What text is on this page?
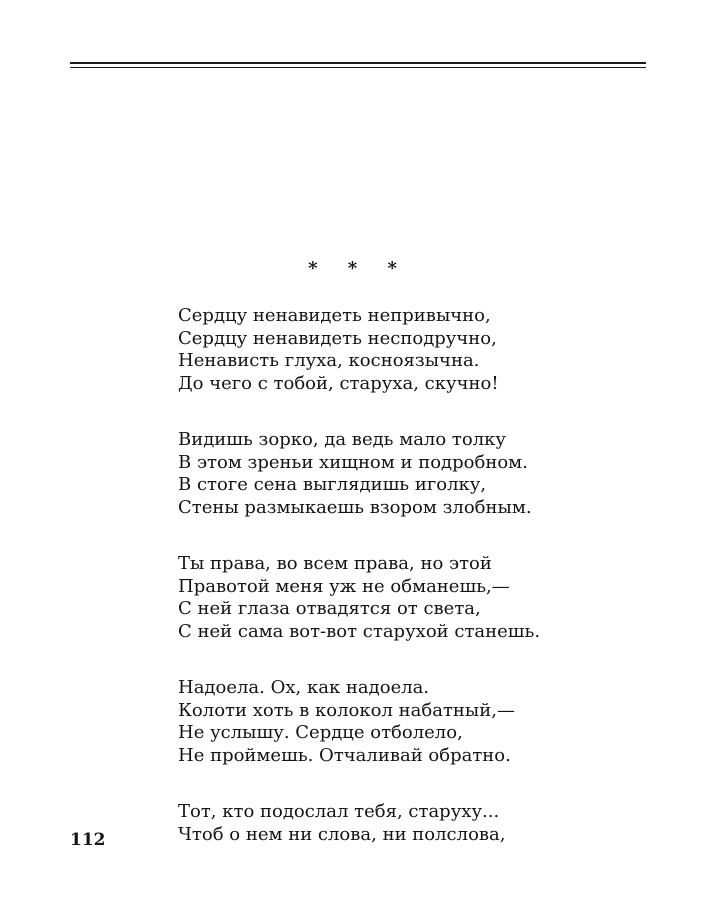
* * *
Сердцу ненавидеть непривычно,
Сердцу ненавидеть несподручно,
Ненависть глуха, косноязычна.
До чего с тобой, старуха, скучно!
Видишь зорко, да ведь мало толку
В этом зреньи хищном и подробном.
В стоге сена выглядишь иголку,
Стены размыкаешь взором злобным.
Ты права, во всем права, но этой
Правотой меня уж не обманешь,—
С ней глаза отвадятся от света,
С ней сама вот-вот старухой станешь.
Надоела. Ох, как надоела.
Колоти хоть в колокол набатный,—
Не услышу. Сердце отболело,
Не проймешь. Отчаливай обратно.
Тот, кто подослал тебя, старуху...
Чтоб о нем ни слова, ни полслова,
112
